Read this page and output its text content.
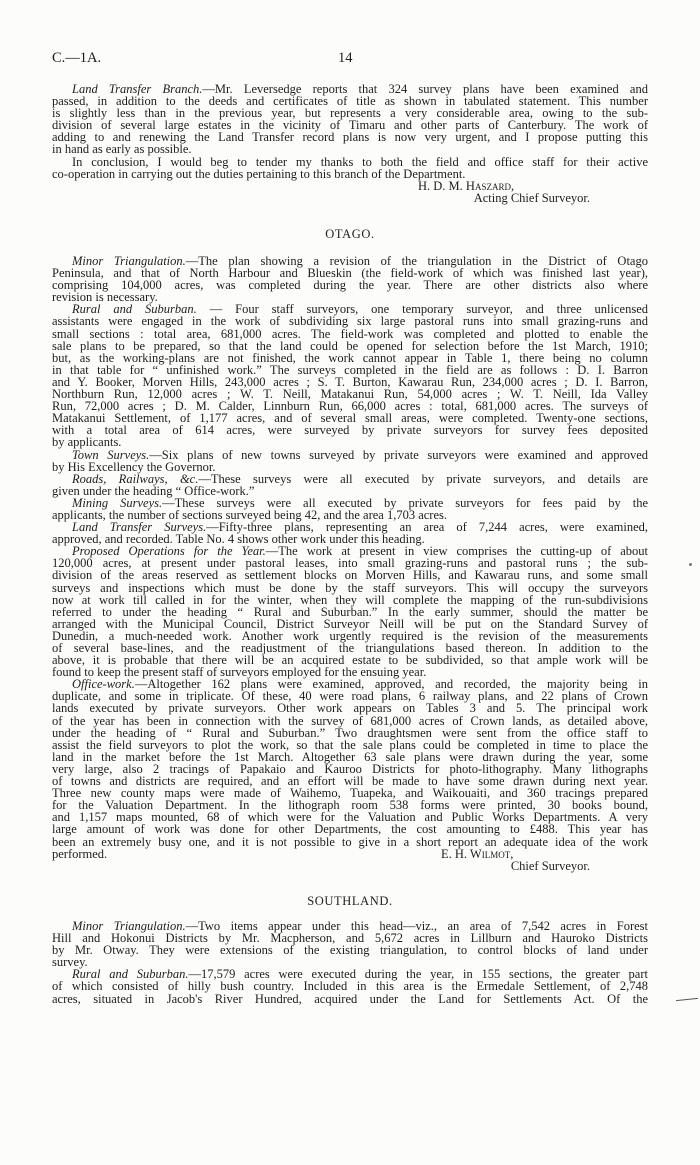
C.—1A.	14
Land Transfer Branch.—Mr. Leversedge reports that 324 survey plans have been examined and
passed, in addition to the deeds and certificates of title as shown in tabulated statement. This number
is slightly less than in the previous year, but represents a very considerable area, owing to the sub-
division of several large estates in the vicinity of Timaru and other parts of Canterbury. The work of
adding to and renewing the Land Transfer record plans is now very urgent, and I propose putting this
in hand as early as possible.
In conclusion, I would beg to tender my thanks to both the field and office staff for their active
co-operation in carrying out the duties pertaining to this branch of the Department.
H. D. M. Haszard,
Acting Chief Surveyor.
OTAGO.
Minor Triangulation.—The plan showing a revision of the triangulation in the District of Otago
Peninsula, and that of North Harbour and Blueskin (the field-work of which was finished last year),
comprising 104,000 acres, was completed during the year. There are other districts also where
revision is necessary.
Rural and Suburban. — Four staff surveyors, one temporary surveyor, and three unlicensed
assistants were engaged in the work of subdividing six large pastoral runs into small grazing-runs and
small sections : total area, 681,000 acres. The field-work was completed and plotted to enable the
sale plans to be prepared, so that the land could be opened for selection before the 1st March, 1910;
but, as the working-plans are not finished, the work cannot appear in Table 1, there being no column
in that table for “ unfinished work.” The surveys completed in the field are as follows : D. I. Barron
and Y. Booker, Morven Hills, 243,000 acres ; S. T. Burton, Kawarau Run, 234,000 acres ; D. I. Barron,
Northburn Run, 12,000 acres ; W. T. Neill, Matakanui Run, 54,000 acres ; W. T. Neill, Ida Valley
Run, 72,000 acres ; D. M. Calder, Linnburn Run, 66,000 acres : total, 681,000 acres. The surveys of
Matakanui Settlement, of 1,177 acres, and of several small areas, were completed. Twenty-one sections,
with a total area of 614 acres, were surveyed by private surveyors for survey fees deposited
by applicants.
Town Surveys.—Six plans of new towns surveyed by private surveyors were examined and approved
by His Excellency the Governor.
Roads, Railways, &c.—These surveys were all executed by private surveyors, and details are
given under the heading “ Office-work.”
Mining Surveys.—These surveys were all executed by private surveyors for fees paid by the
applicants, the number of sections surveyed being 42, and the area 1,703 acres.
Land Transfer Surveys.—Fifty-three plans, representing an area of 7,244 acres, were examined,
approved, and recorded. Table No. 4 shows other work under this heading.
Proposed Operations for the Year.—The work at present in view comprises the cutting-up of about
120,000 acres, at present under pastoral leases, into small grazing-runs and pastoral runs ; the sub-
division of the areas reserved as settlement blocks on Morven Hills, and Kawarau runs, and some small
surveys and inspections which must be done by the staff surveyors. This will occupy the surveyors
now at work till called in for the winter, when they will complete the mapping of the run-subdivisions
referred to under the heading “ Rural and Suburban.” In the early summer, should the matter be
arranged with the Municipal Council, District Surveyor Neill will be put on the Standard Survey of
Dunedin, a much-needed work. Another work urgently required is the revision of the measurements
of several base-lines, and the readjustment of the triangulations based thereon. In addition to the
above, it is probable that there will be an acquired estate to be subdivided, so that ample work will be
found to keep the present staff of surveyors employed for the ensuing year.
Office-work.—Altogether 162 plans were examined, approved, and recorded, the majority being in
duplicate, and some in triplicate. Of these, 40 were road plans, 6 railway plans, and 22 plans of Crown
lands executed by private surveyors. Other work appears on Tables 3 and 5. The principal work
of the year has been in connection with the survey of 681,000 acres of Crown lands, as detailed above,
under the heading of “ Rural and Suburban.” Two draughtsmen were sent from the office staff to
assist the field surveyors to plot the work, so that the sale plans could be completed in time to place the
land in the market before the 1st March. Altogether 63 sale plans were drawn during the year, some
very large, also 2 tracings of Papakaio and Kauroo Districts for photo-lithography. Many lithographs
of towns and districts are required, and an effort will be made to have some drawn during next year.
Three new county maps were made of Waihemo, Tuapeka, and Waikouaiti, and 360 tracings prepared
for the Valuation Department. In the lithograph room 538 forms were printed, 30 books bound,
and 1,157 maps mounted, 68 of which were for the Valuation and Public Works Departments. A very
large amount of work was done for other Departments, the cost amounting to £488. This year has
been an extremely busy one, and it is not possible to give in a short report an adequate idea of the work
performed.	E. H. Wilmot,
Chief Surveyor.
SOUTHLAND.
Minor Triangulation.—Two items appear under this head—viz., an area of 7,542 acres in Forest
Hill and Hokonui Districts by Mr. Macpherson, and 5,672 acres in Lillburn and Hauroko Districts
by Mr. Otway. They were extensions of the existing triangulation, to control blocks of land under
survey.
Rural and Suburban.—17,579 acres were executed during the year, in 155 sections, the greater part
of which consisted of hilly bush country. Included in this area is the Ermedale Settlement, of 2,748
acres, situated in Jacob's River Hundred, acquired under the Land for Settlements Act. Of the
